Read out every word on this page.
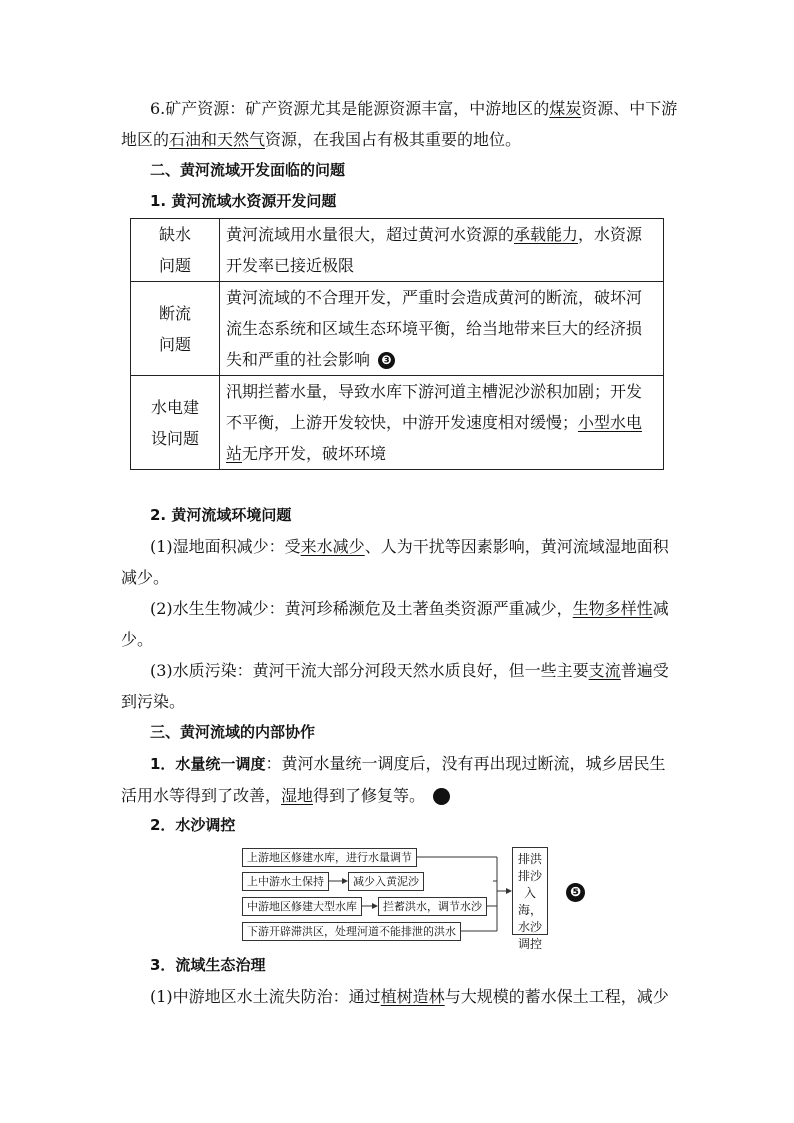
6.矿产资源：矿产资源尤其是能源资源丰富，中游地区的煤炭资源、中下游地区的石油和天然气资源，在我国占有极其重要的地位。
二、黄河流域开发面临的问题
1. 黄河流域水资源开发问题
缺水
问题	黄河流域用水量很大，超过黄河水资源的承载能力，水资源开发率已接近极限
断流
问题	黄河流域的不合理开发，严重时会造成黄河的断流，破坏河流生态系统和区域生态环境平衡，给当地带来巨大的经济损失和严重的社会影响 ❸
水电建
设问题	汛期拦蓄水量，导致水库下游河道主槽泥沙淤积加剧；开发不平衡，上游开发较快，中游开发速度相对缓慢；小型水电站无序开发，破坏环境
2. 黄河流域环境问题
(1)湿地面积减少：受来水减少、人为干扰等因素影响，黄河流域湿地面积减少。
(2)水生生物减少：黄河珍稀濒危及土著鱼类资源严重减少，生物多样性减少。
(3)水质污染：黄河干流大部分河段天然水质良好，但一些主要支流普遍受到污染。
三、黄河流域的内部协作
1．水量统一调度：黄河水量统一调度后，没有再出现过断流，城乡居民生活用水等得到了改善，湿地得到了修复等。	❹
2．水沙调控
上游地区修建水库，进行水量调节
上中游水土保持	减少入黄泥沙
中游地区修建大型水库	拦蓄洪水，调节水沙
下游开辟滞洪区，处理河道不能排泄的洪水
排洪
排沙
入海，
水沙
调控
❺
3．流域生态治理
(1)中游地区水土流失防治：通过植树造林与大规模的蓄水保土工程，减少
